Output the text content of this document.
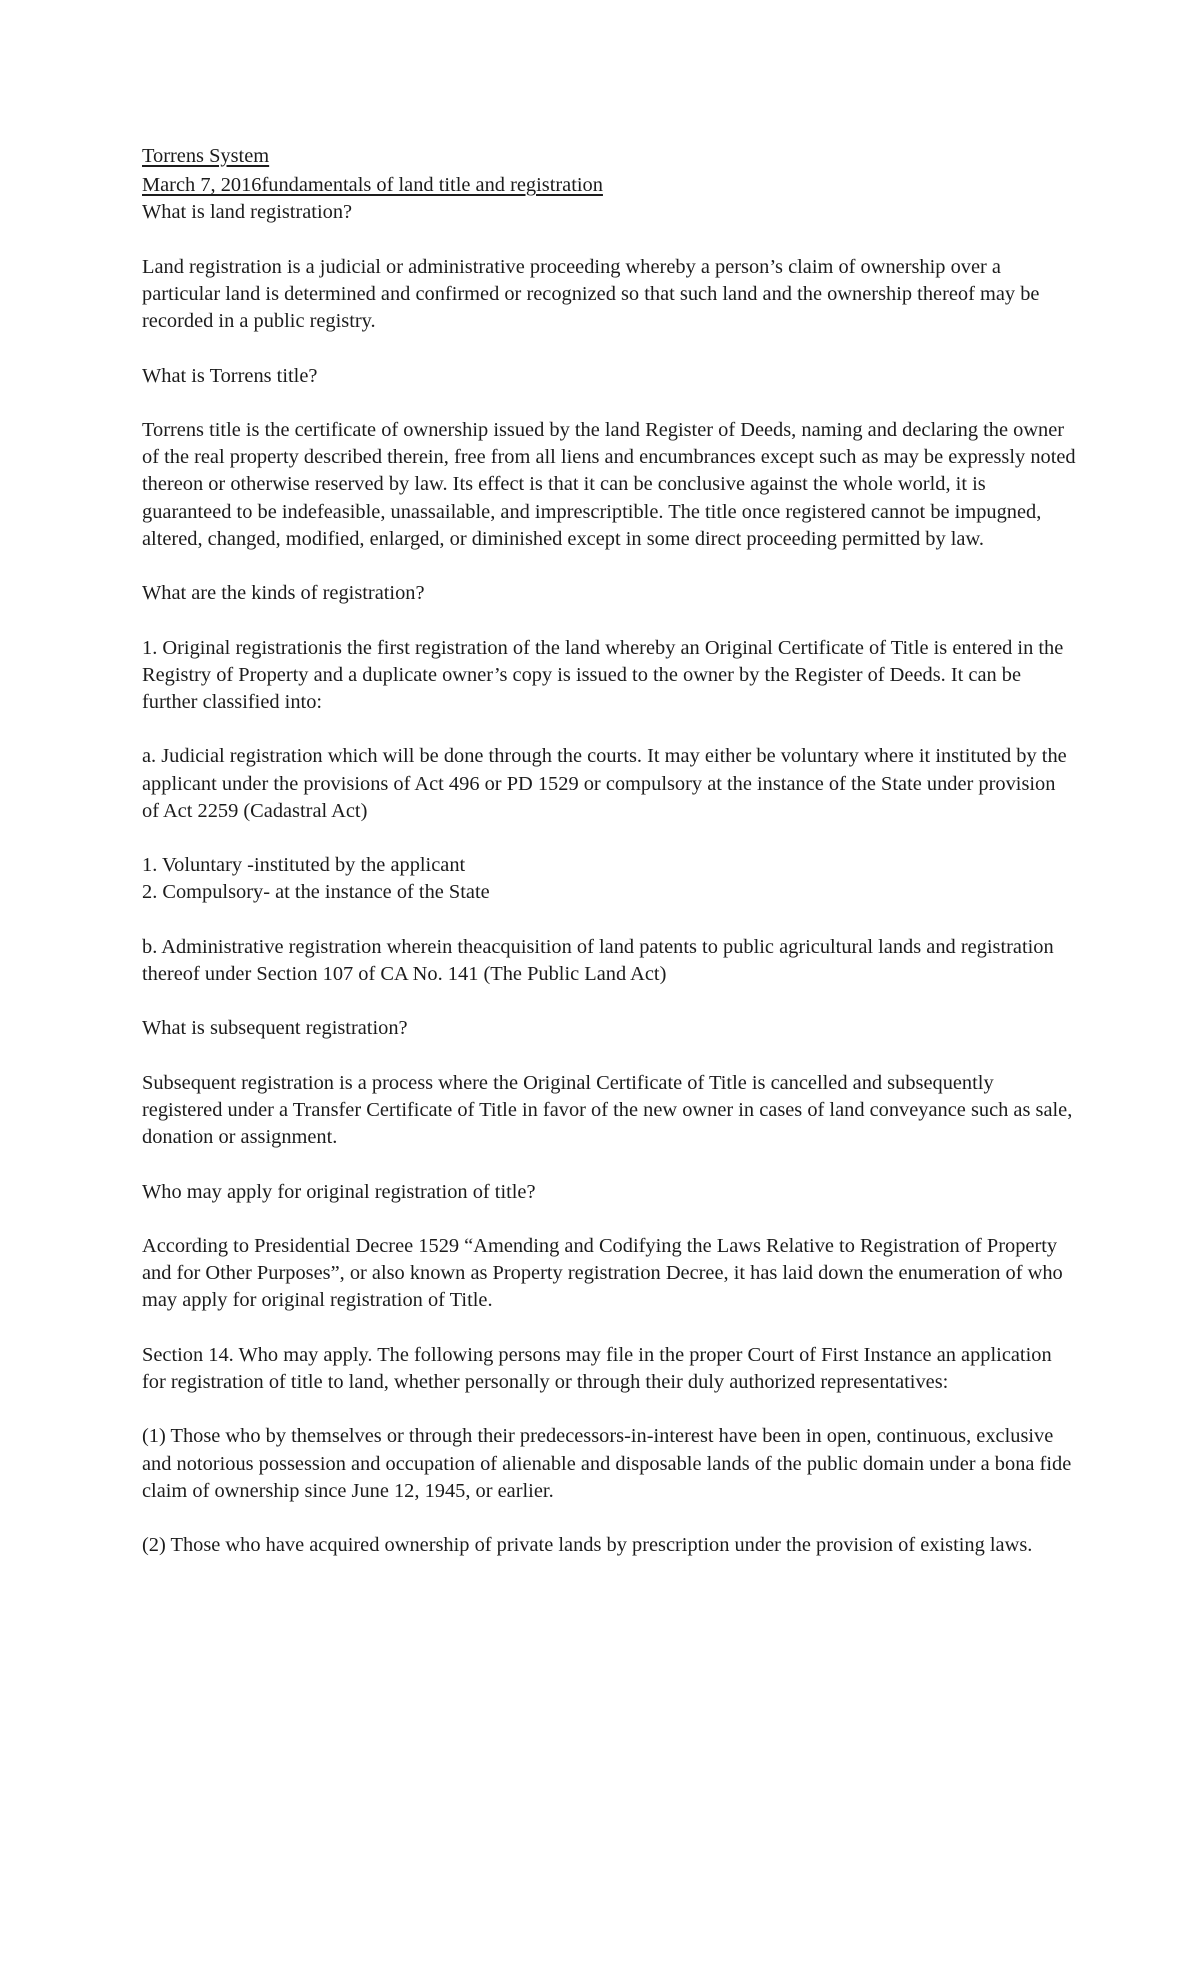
Torrens System

March 7, 2016fundamentals of land title and registration

What is land registration?

Land registration is a judicial or administrative proceeding whereby a person’s claim of ownership over a particular land is determined and confirmed or recognized so that such land and the ownership thereof may be recorded in a public registry.

What is Torrens title?

Torrens title is the certificate of ownership issued by the land Register of Deeds, naming and declaring the owner of the real property described therein, free from all liens and encumbrances except such as may be expressly noted thereon or otherwise reserved by law. Its effect is that it can be conclusive against the whole world, it is guaranteed to be indefeasible, unassailable, and imprescriptible. The title once registered cannot be impugned, altered, changed, modified, enlarged, or diminished except in some direct proceeding permitted by law.

What are the kinds of registration?

1. Original registrationis the first registration of the land whereby an Original Certificate of Title is entered in the Registry of Property and a duplicate owner’s copy is issued to the owner by the Register of Deeds. It can be further classified into:

a. Judicial registration which will be done through the courts. It may either be voluntary where it instituted by the applicant under the provisions of Act 496 or PD 1529 or compulsory at the instance of the State under provision of Act 2259 (Cadastral Act)

1. Voluntary -instituted by the applicant

2. Compulsory- at the instance of the State

b. Administrative registration wherein theacquisition of land patents to public agricultural lands and registration thereof under Section 107 of CA No. 141 (The Public Land Act)

What is subsequent registration?

Subsequent registration is a process where the Original Certificate of Title is cancelled and subsequently registered under a Transfer Certificate of Title in favor of the new owner in cases of land conveyance such as sale, donation or assignment.

Who may apply for original registration of title?

According to Presidential Decree 1529 “Amending and Codifying the Laws Relative to Registration of Property and for Other Purposes”, or also known as Property registration Decree, it has laid down the enumeration of who may apply for original registration of Title.

Section 14. Who may apply. The following persons may file in the proper Court of First Instance an application for registration of title to land, whether personally or through their duly authorized representatives:

(1) Those who by themselves or through their predecessors-in-interest have been in open, continuous, exclusive and notorious possession and occupation of alienable and disposable lands of the public domain under a bona fide claim of ownership since June 12, 1945, or earlier.

(2) Those who have acquired ownership of private lands by prescription under the provision of existing laws.
